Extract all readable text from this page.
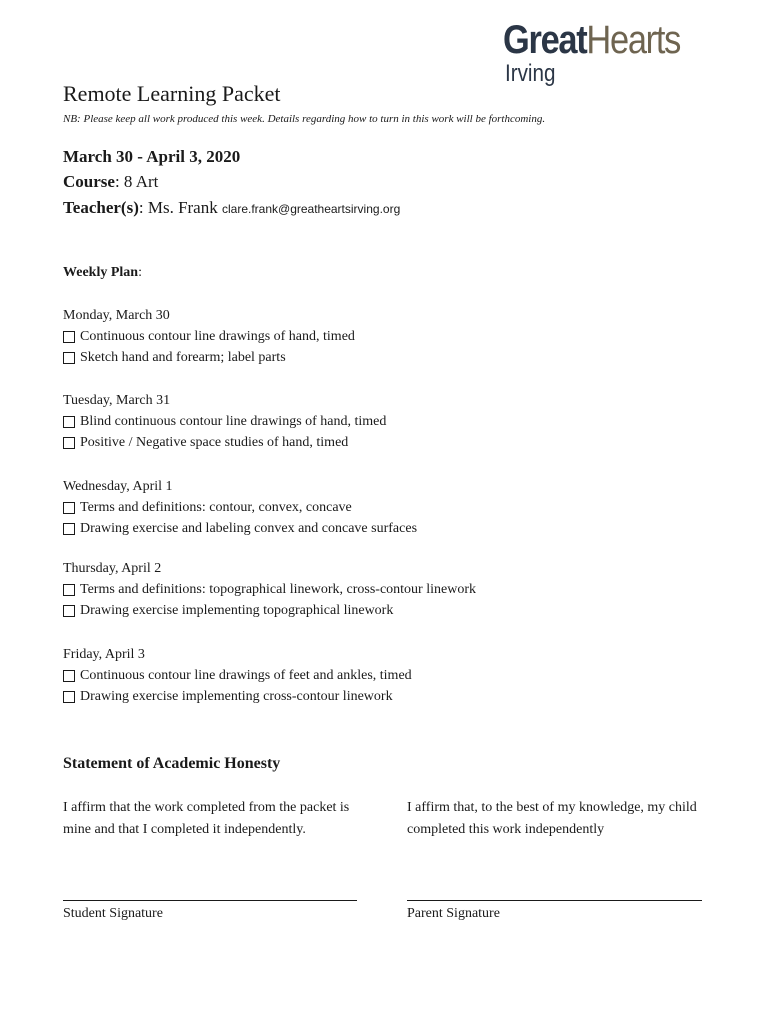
GreatHearts
Irving
Remote Learning Packet
NB: Please keep all work produced this week. Details regarding how to turn in this work will be forthcoming.
March 30 - April 3, 2020
Course: 8 Art
Teacher(s): Ms. Frank clare.frank@greatheartsirving.org
Weekly Plan:
Monday, March 30
Continuous contour line drawings of hand, timed
Sketch hand and forearm; label parts
Tuesday, March 31
Blind continuous contour line drawings of hand, timed
Positive / Negative space studies of hand, timed
Wednesday, April 1
Terms and definitions: contour, convex, concave
Drawing exercise and labeling convex and concave surfaces
Thursday, April 2
Terms and definitions: topographical linework, cross-contour linework
Drawing exercise implementing topographical linework
Friday, April 3
Continuous contour line drawings of feet and ankles, timed
Drawing exercise implementing cross-contour linework
Statement of Academic Honesty
I affirm that the work completed from the packet is mine and that I completed it independently.
I affirm that, to the best of my knowledge, my child completed this work independently
Student Signature	Parent Signature
